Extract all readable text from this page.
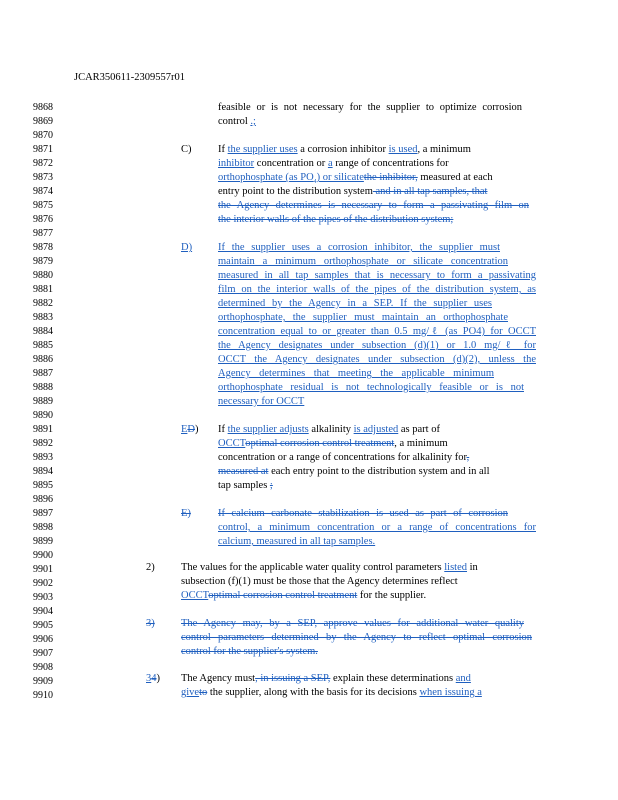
JCAR350611-2309557r01
9868
9869
9870
9871
9872
9873
9874
9875
9876
9877
9878
9879
9880
9881
9882
9883
9884
9885
9886
9887
9888
9889
9890
9891
9892
9893
9894
9895
9896
9897
9898
9899
9900
9901
9902
9903
9904
9905
9906
9907
9908
9909
9910
feasible or is not necessary for the supplier to optimize corrosion
control .;
C)	If the supplier uses a corrosion inhibitor is used, a minimum
inhibitor concentration or a range of concentrations for
orthophosphate (as $PO_4$) or silicatethe inhibitor, measured at each
entry point to the distribution system and in all tap samples, that
the Agency determines is necessary to form a passivating film on
the interior walls of the pipes of the distribution system;
D) If the supplier uses a corrosion inhibitor, the supplier must
maintain a minimum orthophosphate or silicate concentration
measured in all tap samples that is necessary to form a passivating
film on the interior walls of the pipes of the distribution system, as
determined by the Agency in a SEP. If the supplier uses
orthophosphate, the supplier must maintain an orthophosphate
concentration equal to or greater than 0.5 mg/ℓ (as PO4) for OCCT
the Agency designates under subsection (d)(1) or 1.0 mg/ℓ for
OCCT the Agency designates under subsection (d)(2), unless the
Agency determines that meeting the applicable minimum
orthophosphate residual is not technologically feasible or is not
necessary for OCCT
ED) If the supplier adjusts alkalinity is adjusted as part of
OCCToptimal corrosion control treatment, a minimum
concentration or a range of concentrations for alkalinity for,
measured at each entry point to the distribution system and in all
tap samples ;
E)	If calcium carbonate stabilization is used as part of corrosion
control, a minimum concentration or a range of concentrations for
calcium, measured in all tap samples.
2)	The values for the applicable water quality control parameters listed in
subsection (f)(1) must be those that the Agency determines reflect
OCCToptimal corrosion control treatment for the supplier.
3)	The Agency may, by a SEP, approve values for additional water quality
control parameters determined by the Agency to reflect optimal corrosion
control for the supplier's system.
34) The Agency must, in issuing a SEP, explain these determinations and
giveto the supplier, along with the basis for its decisions when issuing a
